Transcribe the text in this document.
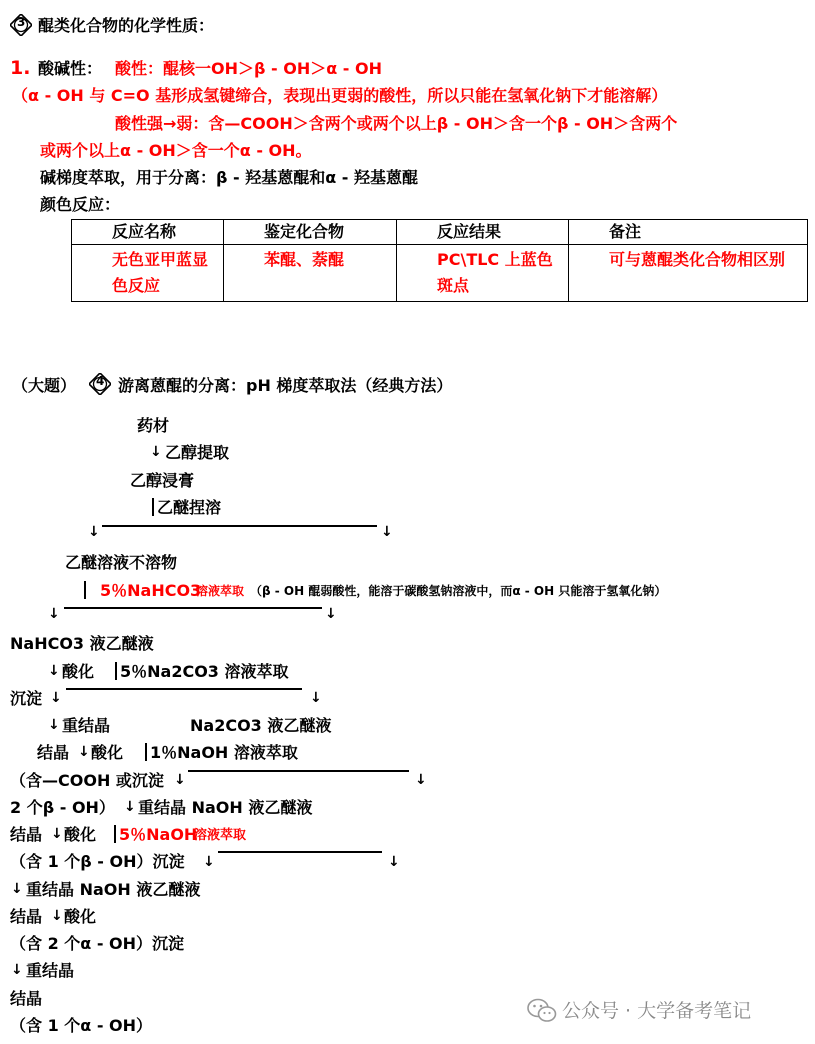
3 醌类化合物的化学性质：
1. 酸碱性： 酸性：醌核一OH＞β - OH＞α - OH
（α - OH 与 C=O 基形成氢键缔合，表现出更弱的酸性，所以只能在氢氧化钠下才能溶解）
酸性强→弱：含—COOH＞含两个或两个以上β - OH＞含一个β - OH＞含两个
或两个以上α - OH＞含一个α - OH。
碱梯度萃取，用于分离：β - 羟基蒽醌和α - 羟基蒽醌
颜色反应：
反应名称	鉴定化合物	反应结果	备注
无色亚甲蓝显色反应	苯醌、萘醌	PC\TLC 上蓝色斑点	可与蒽醌类化合物相区别
（大题） 4 游离蒽醌的分离：pH 梯度萃取法（经典方法）
药材
↓ 乙醇提取
乙醇浸膏
乙醚捏溶
↓	↓
乙醚溶液不溶物
5％NaHCO3
溶液萃取 （β - OH 醌弱酸性，能溶于碳酸氢钠溶液中，而α - OH 只能溶于氢氧化钠）
↓	↓
NaHCO3 液乙醚液
↓ 酸化 5％Na2CO3 溶液萃取
沉淀 ↓	↓
↓ 重结晶	Na2CO3 液乙醚液
结晶 ↓ 酸化 1％NaOH 溶液萃取
（含—COOH 或沉淀 ↓	↓
2 个β - OH） ↓ 重结晶 NaOH 液乙醚液
结晶 ↓ 酸化 5％NaOH
溶液萃取
（含 1 个β - OH）沉淀 ↓	↓
↓ 重结晶 NaOH 液乙醚液
结晶 ↓ 酸化
（含 2 个α - OH）沉淀
↓ 重结晶
结晶
（含 1 个α - OH）
公众号 · 大学备考笔记
